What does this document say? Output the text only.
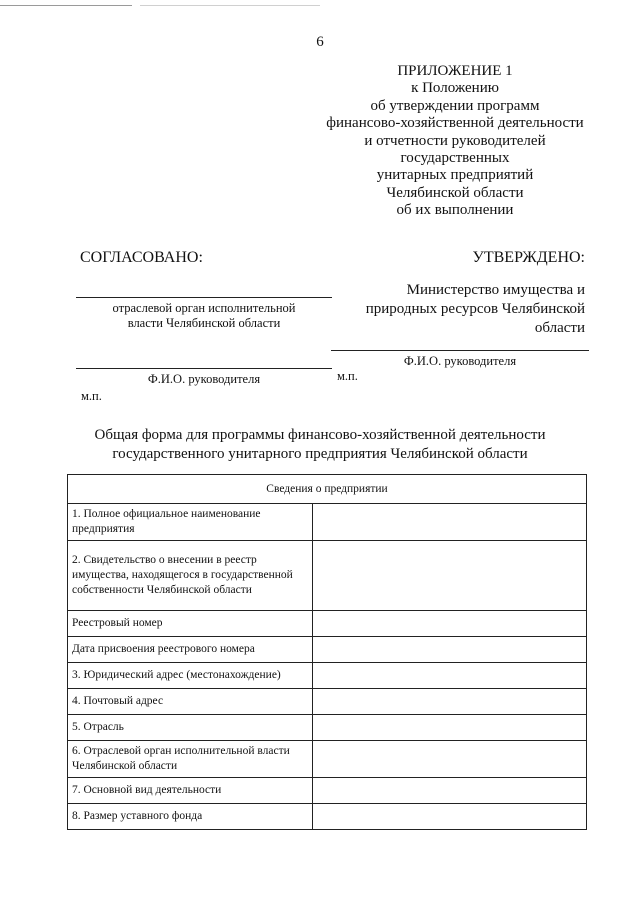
6
ПРИЛОЖЕНИЕ 1
к Положению
об утверждении программ
финансово-хозяйственной деятельности
и отчетности руководителей
государственных
унитарных предприятий
Челябинской области
об их выполнении
СОГЛАСОВАНО:
отраслевой орган исполнительной
власти Челябинской области
Ф.И.О. руководителя
м.п.
УТВЕРЖДЕНО:
Министерство имущества и
природных ресурсов Челябинской
области
Ф.И.О. руководителя
м.п.
Общая форма для программы финансово-хозяйственной деятельности
государственного унитарного предприятия Челябинской области
Сведения о предприятии	
1. Полное официальное наименование предприятия	
2. Свидетельство о внесении в реестр имущества, находящегося в государственной собственности Челябинской области	
Реестровый номер	
Дата присвоения реестрового номера	
3. Юридический адрес (местонахождение)	
4. Почтовый адрес	
5. Отрасль	
6. Отраслевой орган исполнительной власти Челябинской области	
7. Основной вид деятельности	
8. Размер уставного фонда	
